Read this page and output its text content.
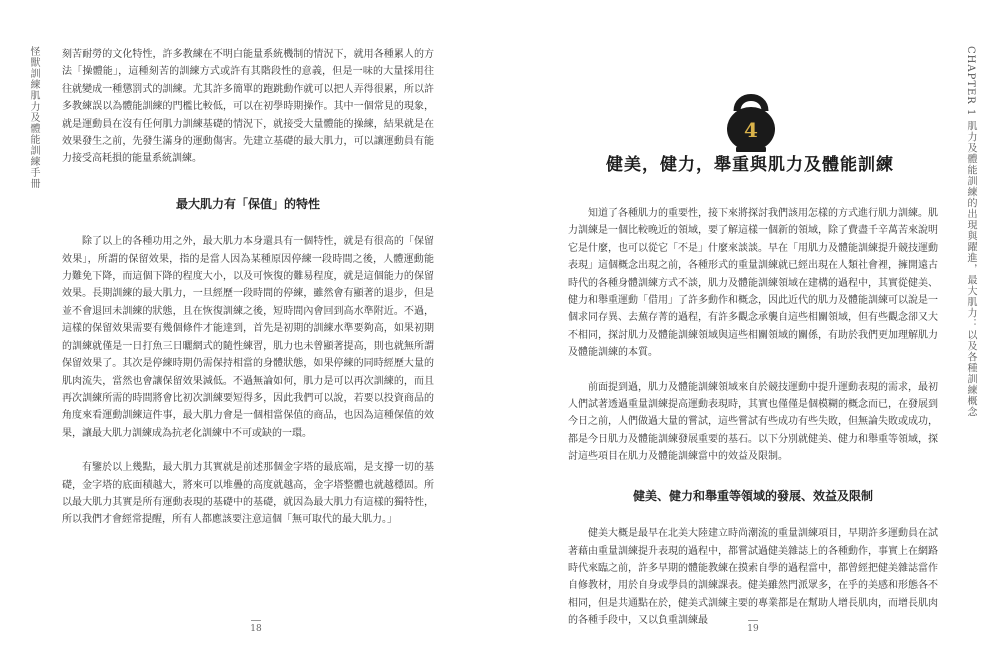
怪獸訓練肌力及體能訓練手冊 刻苦耐勞的文化特性，許多教練在不明白能量系統機制的情況下，就用各種累人的方法「操體能」，這種刻苦的訓練方式或許有其階段性的意義，但是一味的大量採用往往就變成一種懲罰式的訓練。尤其許多簡單的跑跳動作就可以把人弄得很累，所以許多教練誤以為體能訓練的門檻比較低，可以在初學時期操作。其中一個常見的現象，就是運動員在沒有任何肌力訓練基礎的情況下，就接受大量體能的操練，結果就是在效果發生之前，先發生滿身的運動傷害。先建立基礎的最大肌力，可以讓運動員有能力接受高耗損的能量系統訓練。

最大肌力有「保值」的特性

除了以上的各種功用之外，最大肌力本身還具有一個特性，就是有很高的「保留效果」，所謂的保留效果，指的是當人因為某種原因停練一段時間之後，人體運動能力難免下降，而這個下降的程度大小，以及可恢復的難易程度，就是這個能力的保留效果。長期訓練的最大肌力，一旦經歷一段時間的停練，雖然會有顯著的退步，但是並不會退回未訓練的狀態，且在恢復訓練之後，短時間內會回到高水準附近。不過，這樣的保留效果需要有幾個條件才能達到，首先是初期的訓練水準要夠高，如果初期的訓練就僅是一日打魚三日曬網式的隨性練習，肌力也未曾顯著提高，則也就無所謂保留效果了。其次是停練時期仍需保持相當的身體狀態，如果停練的同時經歷大量的肌肉流失，當然也會讓保留效果減低。不過無論如何，肌力是可以再次訓練的，而且再次訓練所需的時間將會比初次訓練要短得多，因此我們可以說，若要以投資商品的角度來看運動訓練這件事，最大肌力會是一個相當保值的商品，也因為這種保值的效果，讓最大肌力訓練成為抗老化訓練中不可或缺的一環。

有鑒於以上幾點，最大肌力其實就是前述那個金字塔的最底端，是支撐一切的基礎，金字塔的底面積越大，將來可以堆疊的高度就越高，金字塔整體也就越穩固。所以最大肌力其實是所有運動表現的基礎中的基礎，就因為最大肌力有這樣的獨特性，所以我們才會經常提醒，所有人都應該要注意這個「無可取代的最大肌力。」

18
CHAPTER 1 肌力及體能訓練的出現與躍進，最大肌力：以及各種訓練概念
4
健美，健力，舉重與肌力及體能訓練

知道了各種肌力的重要性，接下來將探討我們該用怎樣的方式進行肌力訓練。肌力訓練是一個比較晚近的領域，要了解這樣一個新的領域，除了費盡千辛萬苦來說明它是什麼，也可以從它「不是」什麼來談談。早在「用肌力及體能訓練提升競技運動表現」這個概念出現之前，各種形式的重量訓練就已經出現在人類社會裡，擁開遠古時代的各種身體訓練方式不談，肌力及體能訓練領域在建構的過程中，其實從健美、健力和舉重運動「借用」了許多動作和概念，因此近代的肌力及體能訓練可以說是一個求同存異、去蕪存菁的過程，有許多觀念承襲自這些相關領域，但有些觀念卻又大不相同，探討肌力及體能訓練領域與這些相關領域的關係，有助於我們更加理解肌力及體能訓練的本質。

前面提到過，肌力及體能訓練領域來自於競技運動中提升運動表現的需求，最初人們試著透過重量訓練提高運動表現時，其實也僅僅是個模糊的概念而已，在發展到今日之前，人們做過大量的嘗試，這些嘗試有些成功有些失敗，但無論失敗或成功，都是今日肌力及體能訓練發展重要的基石。以下分別就健美、健力和舉重等領域，探討這些項目在肌力及體能訓練當中的效益及限制。

健美、健力和舉重等領域的發展、效益及限制

健美大概是最早在北美大陸建立時尚潮流的重量訓練項目，早期許多運動員在試著藉由重量訓練提升表現的過程中，都嘗試過健美雜誌上的各種動作，事實上在網路時代來臨之前，許多早期的體能教練在摸索自學的過程當中，都曾經把健美雜誌當作自修教材，用於自身或學員的訓練課表。健美雖然門派眾多，在乎的美感和形態各不相同，但是共通點在於，健美式訓練主要的專業都是在幫助人增長肌肉，而增長肌肉的各種手段中，又以負重訓練最

19
